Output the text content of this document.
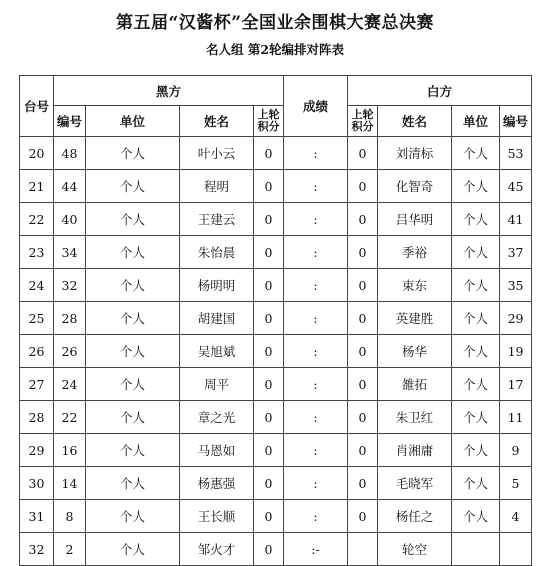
第五届“汉酱杯”全国业余围棋大赛总决赛
名人组 第2轮编排对阵表
台号	黑方				成绩	白方			
	编号	单位	姓名	上轮积分		上轮积分	姓名	单位	编号
20	48	个人	叶小云	0	:	0	刘清标	个人	53
21	44	个人	程明	0	:	0	化智奇	个人	45
22	40	个人	王建云	0	:	0	吕华明	个人	41
23	34	个人	朱怡晨	0	:	0	季裕	个人	37
24	32	个人	杨明明	0	:	0	束东	个人	35
25	28	个人	胡建国	0	:	0	英建胜	个人	29
26	26	个人	吴旭斌	0	:	0	杨华	个人	19
27	24	个人	周平	0	:	0	雒拓	个人	17
28	22	个人	章之光	0	:	0	朱卫红	个人	11
29	16	个人	马恩如	0	:	0	肖湘庸	个人	9
30	14	个人	杨惠强	0	:	0	毛晓军	个人	5
31	8	个人	王长顺	0	:	0	杨任之	个人	4
32	2	个人	邹火才	0	:-		轮空		
